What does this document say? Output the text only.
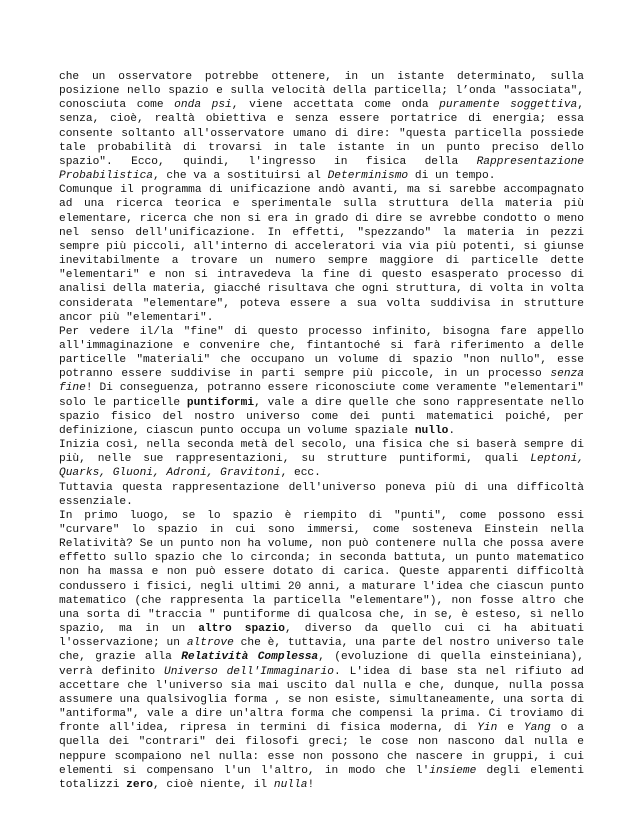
che un osservatore potrebbe ottenere, in un istante determinato, sulla posizione nello spazio e sulla velocità della particella; l’onda "associata", conosciuta come onda psi, viene accettata come onda puramente soggettiva, senza, cioè, realtà obiettiva e senza essere portatrice di energia; essa consente soltanto all'osservatore umano di dire: "questa particella possiede tale probabilità di trovarsi in tale istante in un punto preciso dello spazio". Ecco, quindi, l'ingresso in fisica della Rappresentazione Probabilistica, che va a sostituirsi al Determinismo di un tempo.

Comunque il programma di unificazione andò avanti, ma si sarebbe accompagnato ad una ricerca teorica e sperimentale sulla struttura della materia più elementare, ricerca che non si era in grado di dire se avrebbe condotto o meno nel senso dell'unificazione. In effetti, "spezzando" la materia in pezzi sempre più piccoli, all'interno di acceleratori via via più potenti, si giunse inevitabilmente a trovare un numero sempre maggiore di particelle dette "elementari" e non si intravedeva la fine di questo esasperato processo di analisi della materia, giacché risultava che ogni struttura, di volta in volta considerata "elementare", poteva essere a sua volta suddivisa in strutture ancor più "elementari".

Per vedere il/la "fine" di questo processo infinito, bisogna fare appello all'immaginazione e convenire che, fintantoché si farà riferimento a delle particelle "materiali" che occupano un volume di spazio "non nullo", esse potranno essere suddivise in parti sempre più piccole, in un processo senza fine! Di conseguenza, potranno essere riconosciute come veramente "elementari" solo le particelle puntiformi, vale a dire quelle che sono rappresentate nello spazio fisico del nostro universo come dei punti matematici poiché, per definizione, ciascun punto occupa un volume spaziale nullo.

Inizia così, nella seconda metà del secolo, una fisica che si baserà sempre di più, nelle sue rappresentazioni, su strutture puntiformi, quali Leptoni, Quarks, Gluoni, Adroni, Gravitoni, ecc.

Tuttavia questa rappresentazione dell'universo poneva più di una difficoltà essenziale.

In primo luogo, se lo spazio è riempito di "punti", come possono essi "curvare" lo spazio in cui sono immersi, come sosteneva Einstein nella Relatività? Se un punto non ha volume, non può contenere nulla che possa avere effetto sullo spazio che lo circonda; in seconda battuta, un punto matematico non ha massa e non può essere dotato di carica. Queste apparenti difficoltà condussero i fisici, negli ultimi 20 anni, a maturare l'idea che ciascun punto matematico (che rappresenta la particella "elementare"), non fosse altro che una sorta di "traccia " puntiforme di qualcosa che, in se, è esteso, sì nello spazio, ma in un altro spazio, diverso da quello cui ci ha abituati l'osservazione; un altrove che è, tuttavia, una parte del nostro universo tale che, grazie alla Relatività Complessa, (evoluzione di quella einsteiniana), verrà definito Universo dell'Immaginario. L'idea di base sta nel rifiuto ad accettare che l'universo sia mai uscito dal nulla e che, dunque, nulla possa assumere una qualsivoglia forma , se non esiste, simultaneamente, una sorta di "antiforma", vale a dire un'altra forma che compensi la prima. Ci troviamo di fronte all'idea, ripresa in termini di fisica moderna, di Yin e Yang o a quella dei "contrari" dei filosofi greci; le cose non nascono dal nulla e neppure scompaiono nel nulla: esse non possono che nascere in gruppi, i cui elementi si compensano l'un l'altro, in modo che l'insieme degli elementi totalizzi zero, cioè niente, il nulla!
